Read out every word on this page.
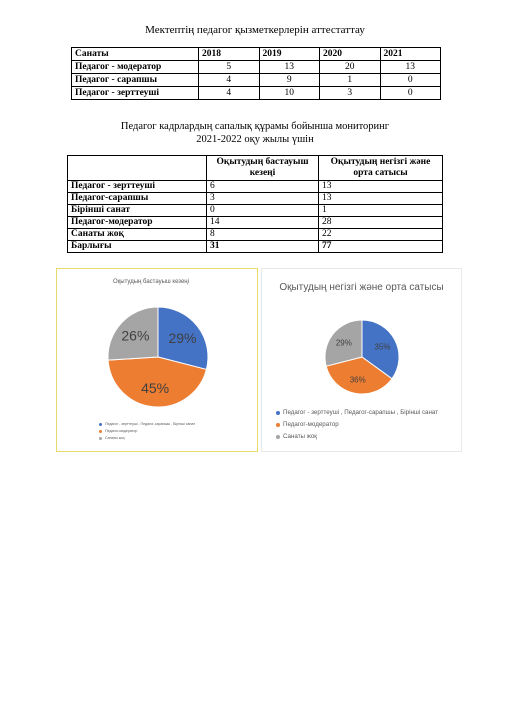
Мектептің педагог қызметкерлерін аттестаттау
Санаты	2018	2019	2020	2021
Педагог - модератор	5	13	20	13
Педагог - сарапшы	4	9	1	0
Педагог - зерттеуші	4	10	3	0
Педагог кадрлардың сапалық құрамы бойынша мониторинг
2021-2022 оқу жылы үшін
	Оқытудың бастауыш кезеңі	Оқытудың негізгі және орта сатысы
Педагог - зерттеуші	6	13
Педагог-сарапшы	3	13
Бірінші санат	0	1
Педагог-модератор	14	28
Санаты жоқ	8	22
Барлығы	31	77
Оқытудың бастауыш кезеңі
29%
45%
26%
Педагог - зерттеуші , Педагог-сарапшы , Бірінші санат
Педагог-модератор
Санаты жоқ
Оқытудың негізгі және орта сатысы
35%
36%
29%
Педагог - зерттеуші , Педагог-сарапшы , Бірінші санат
Педагог-модератор
Санаты жоқ
